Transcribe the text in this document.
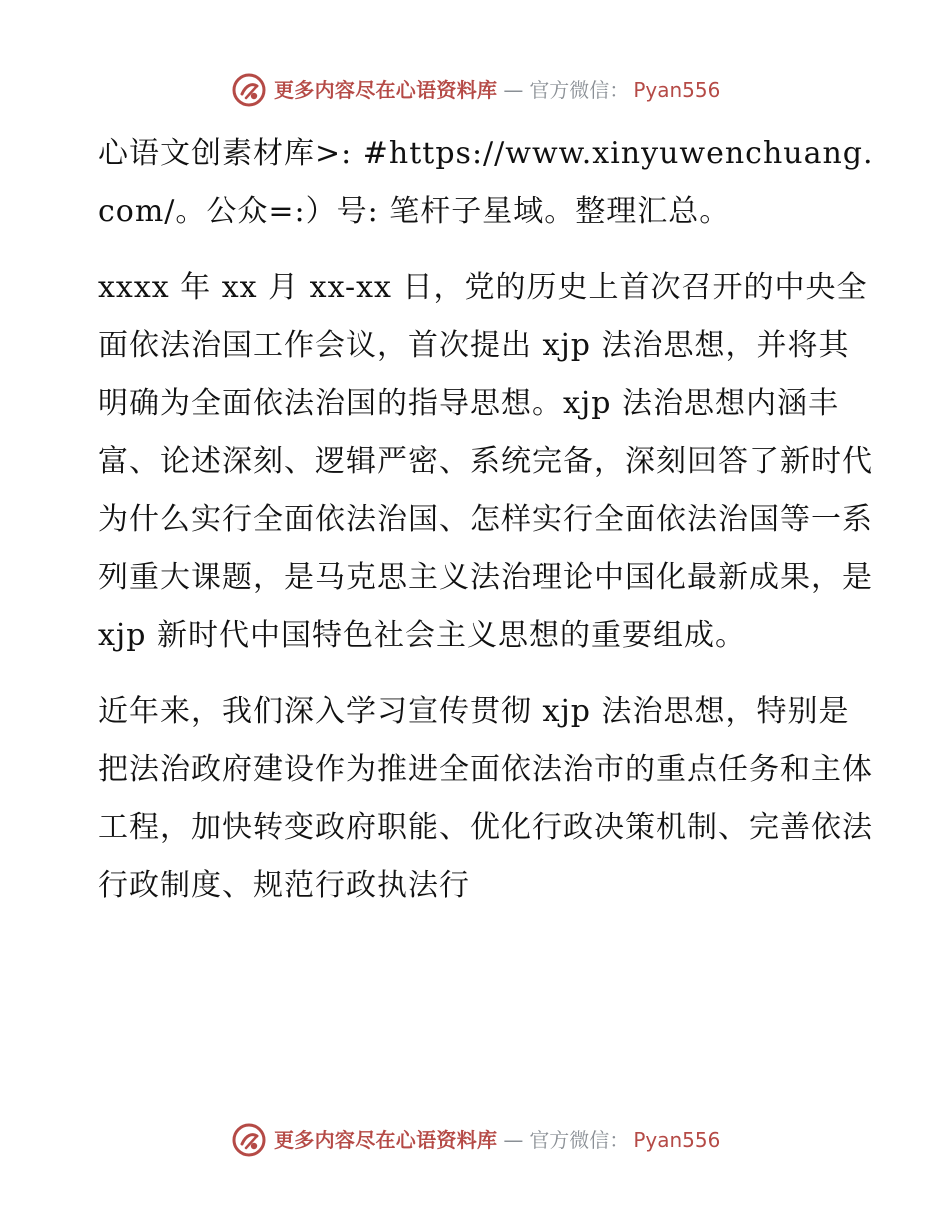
更多内容尽在心语资料库 — 官方微信： Pyan556

心语文创素材库>: #https://www.xinyuwenchuang.com/。公众=:）号: 笔杆子星域。整理汇总。

xxxx 年 xx 月 xx-xx 日，党的历史上首次召开的中央全面依法治国工作会议，首次提出 xjp 法治思想，并将其明确为全面依法治国的指导思想。xjp 法治思想内涵丰富、论述深刻、逻辑严密、系统完备，深刻回答了新时代为什么实行全面依法治国、怎样实行全面依法治国等一系列重大课题，是马克思主义法治理论中国化最新成果，是 xjp 新时代中国特色社会主义思想的重要组成。

近年来，我们深入学习宣传贯彻 xjp 法治思想，特别是把法治政府建设作为推进全面依法治市的重点任务和主体工程，加快转变政府职能、优化行政决策机制、完善依法行政制度、规范行政执法行

更多内容尽在心语资料库 — 官方微信： Pyan556
